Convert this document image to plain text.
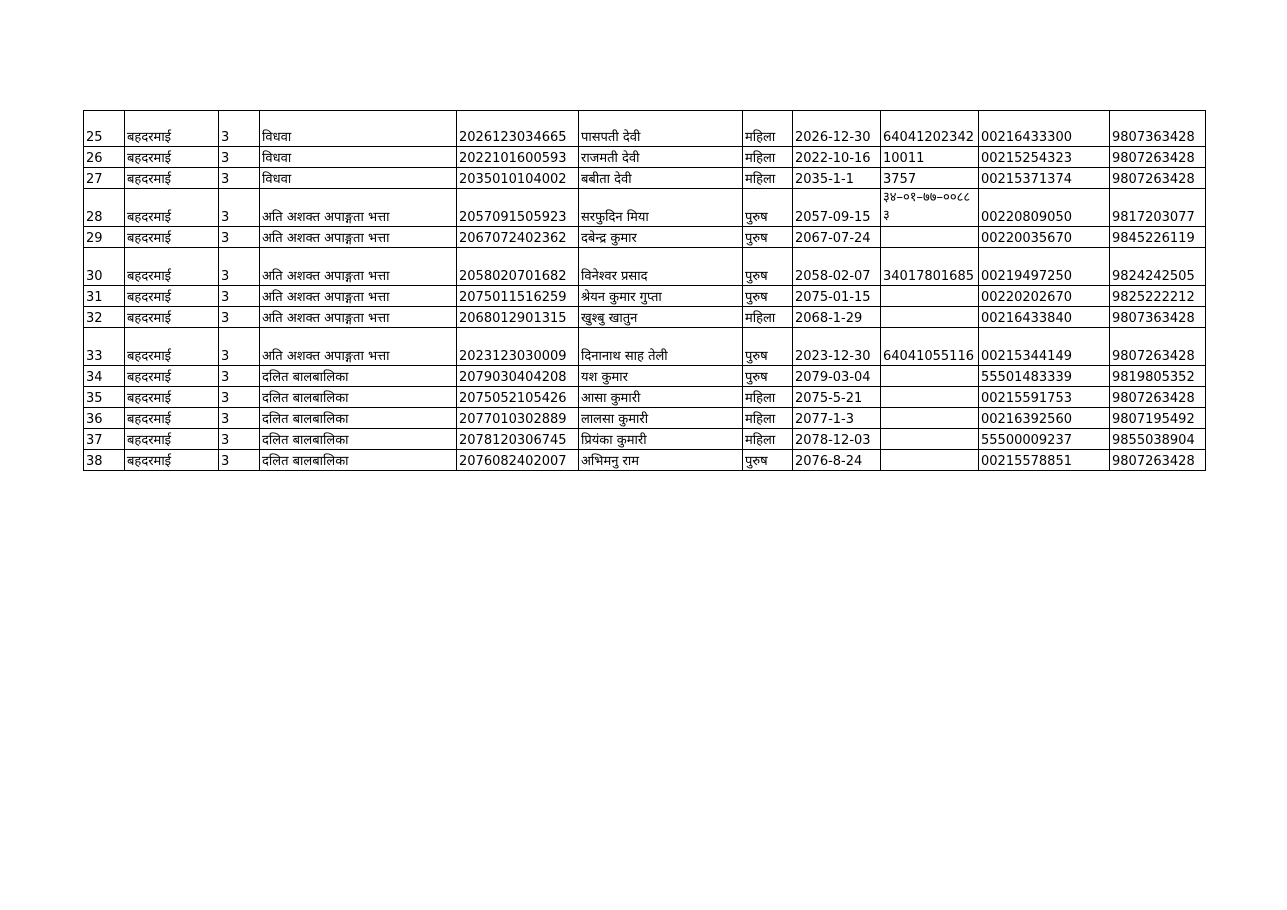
25	बहदरमाई	3	विधवा	2026123034665	पासपती देवी	महिला	2026-12-30	64041202342	00216433300	9807363428
26	बहदरमाई	3	विधवा	2022101600593	राजमती देवी	महिला	2022-10-16	10011	00215254323	9807263428
27	बहदरमाई	3	विधवा	2035010104002	बबीता देवी	महिला	2035-1-1	3757	00215371374	9807263428
28	बहदरमाई	3	अति अशक्त अपाङ्गता भत्ता	2057091505923	सरफुदिन मिया	पुरुष	2057-09-15	३४–०१–७७–००८८३	00220809050	9817203077
29	बहदरमाई	3	अति अशक्त अपाङ्गता भत्ता	2067072402362	दबेन्द्र कुमार	पुरुष	2067-07-24		00220035670	9845226119
30	बहदरमाई	3	अति अशक्त अपाङ्गता भत्ता	2058020701682	विनेश्वर प्रसाद	पुरुष	2058-02-07	34017801685	00219497250	9824242505
31	बहदरमाई	3	अति अशक्त अपाङ्गता भत्ता	2075011516259	श्रेयन कुमार गुप्ता	पुरुष	2075-01-15		00220202670	9825222212
32	बहदरमाई	3	अति अशक्त अपाङ्गता भत्ता	2068012901315	खुश्बु खातुन	महिला	2068-1-29		00216433840	9807363428
33	बहदरमाई	3	अति अशक्त अपाङ्गता भत्ता	2023123030009	दिनानाथ साह तेली	पुरुष	2023-12-30	64041055116	00215344149	9807263428
34	बहदरमाई	3	दलित बालबालिका	2079030404208	यश कुमार	पुरुष	2079-03-04		55501483339	9819805352
35	बहदरमाई	3	दलित बालबालिका	2075052105426	आसा कुमारी	महिला	2075-5-21		00215591753	9807263428
36	बहदरमाई	3	दलित बालबालिका	2077010302889	लालसा कुमारी	महिला	2077-1-3		00216392560	9807195492
37	बहदरमाई	3	दलित बालबालिका	2078120306745	प्रियंका कुमारी	महिला	2078-12-03		55500009237	9855038904
38	बहदरमाई	3	दलित बालबालिका	2076082402007	अभिमनु राम	पुरुष	2076-8-24		00215578851	9807263428
